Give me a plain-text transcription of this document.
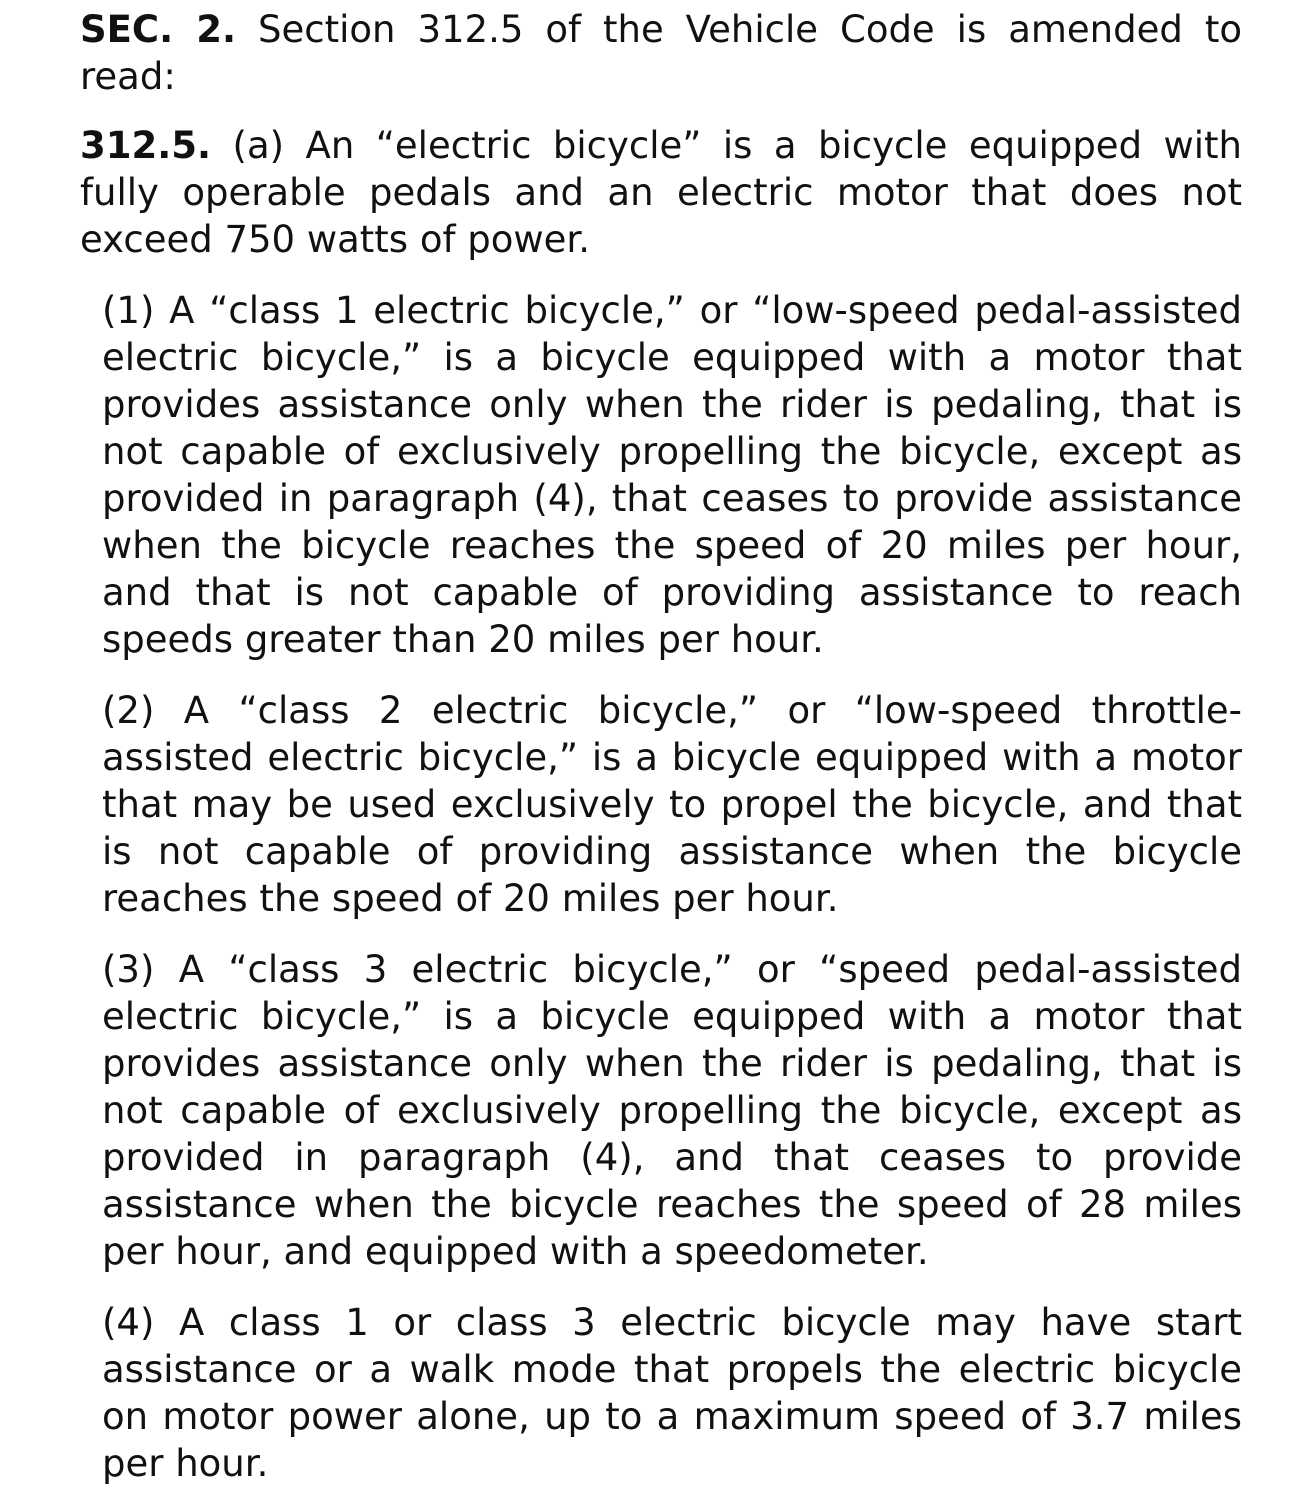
SEC. 2. Section 312.5 of the Vehicle Code is amended to read:

312.5. (a) An “electric bicycle” is a bicycle equipped with fully operable pedals and an electric motor that does not exceed 750 watts of power.

(1) A “class 1 electric bicycle,” or “low-speed pedal-assisted electric bicycle,” is a bicycle equipped with a motor that provides assistance only when the rider is pedaling, that is not capable of exclusively propelling the bicycle, except as provided in paragraph (4), that ceases to provide assistance when the bicycle reaches the speed of 20 miles per hour, and that is not capable of providing assistance to reach speeds greater than 20 miles per hour.

(2) A “class 2 electric bicycle,” or “low-speed throttle-assisted electric bicycle,” is a bicycle equipped with a motor that may be used exclusively to propel the bicycle, and that is not capable of providing assistance when the bicycle reaches the speed of 20 miles per hour.

(3) A “class 3 electric bicycle,” or “speed pedal-assisted electric bicycle,” is a bicycle equipped with a motor that provides assistance only when the rider is pedaling, that is not capable of exclusively propelling the bicycle, except as provided in paragraph (4), and that ceases to provide assistance when the bicycle reaches the speed of 28 miles per hour, and equipped with a speedometer.

(4) A class 1 or class 3 electric bicycle may have start assistance or a walk mode that propels the electric bicycle on motor power alone, up to a maximum speed of 3.7 miles per hour.
